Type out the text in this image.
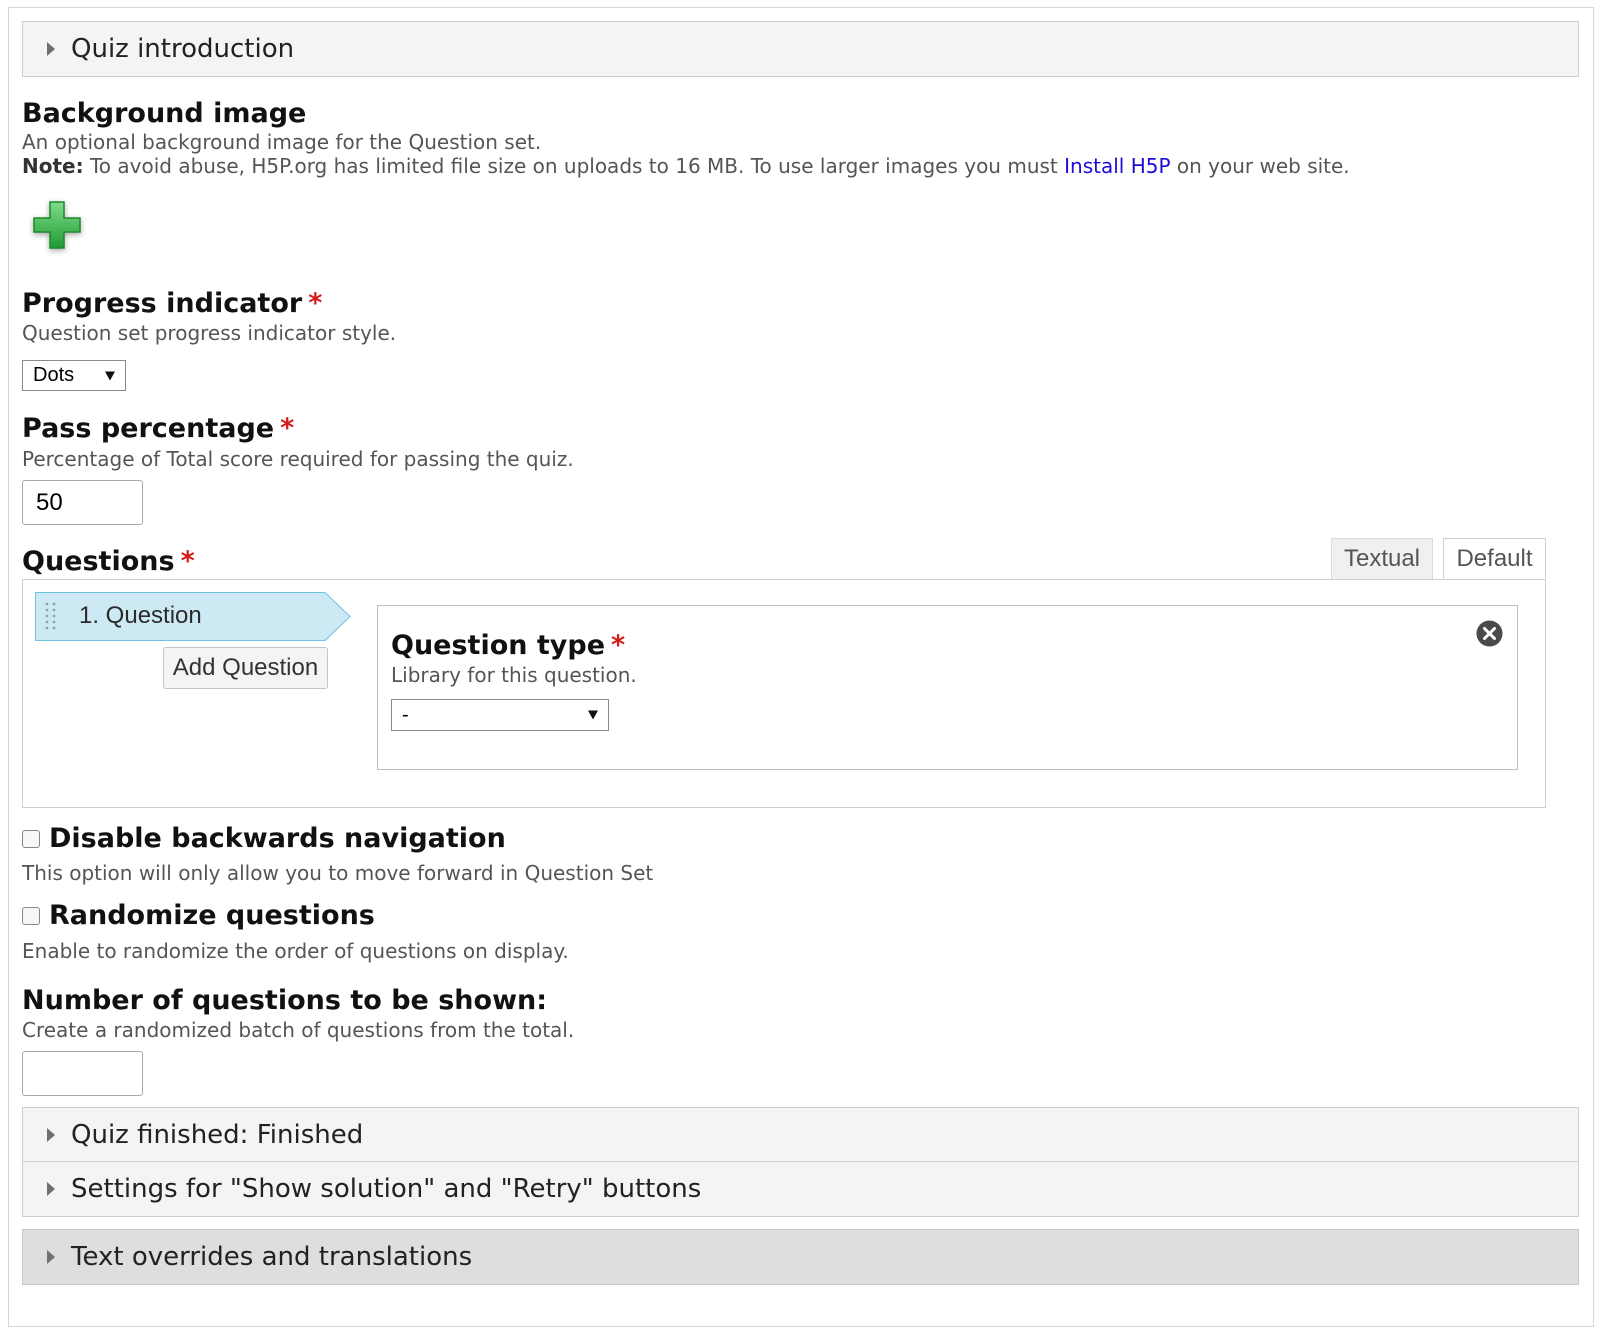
Quiz introduction
Background image
An optional background image for the Question set.
Note: To avoid abuse, H5P.org has limited file size on uploads to 16 MB. To use larger images you must Install H5P on your web site.
Progress indicator *
Question set progress indicator style.
Dots
Pass percentage *
Percentage of Total score required for passing the quiz.
50
Questions *	Textual	Default
1. Question
Add Question
Question type *
Library for this question.
-
Disable backwards navigation
This option will only allow you to move forward in Question Set
Randomize questions
Enable to randomize the order of questions on display.
Number of questions to be shown:
Create a randomized batch of questions from the total.
Quiz finished: Finished
Settings for "Show solution" and "Retry" buttons
Text overrides and translations
